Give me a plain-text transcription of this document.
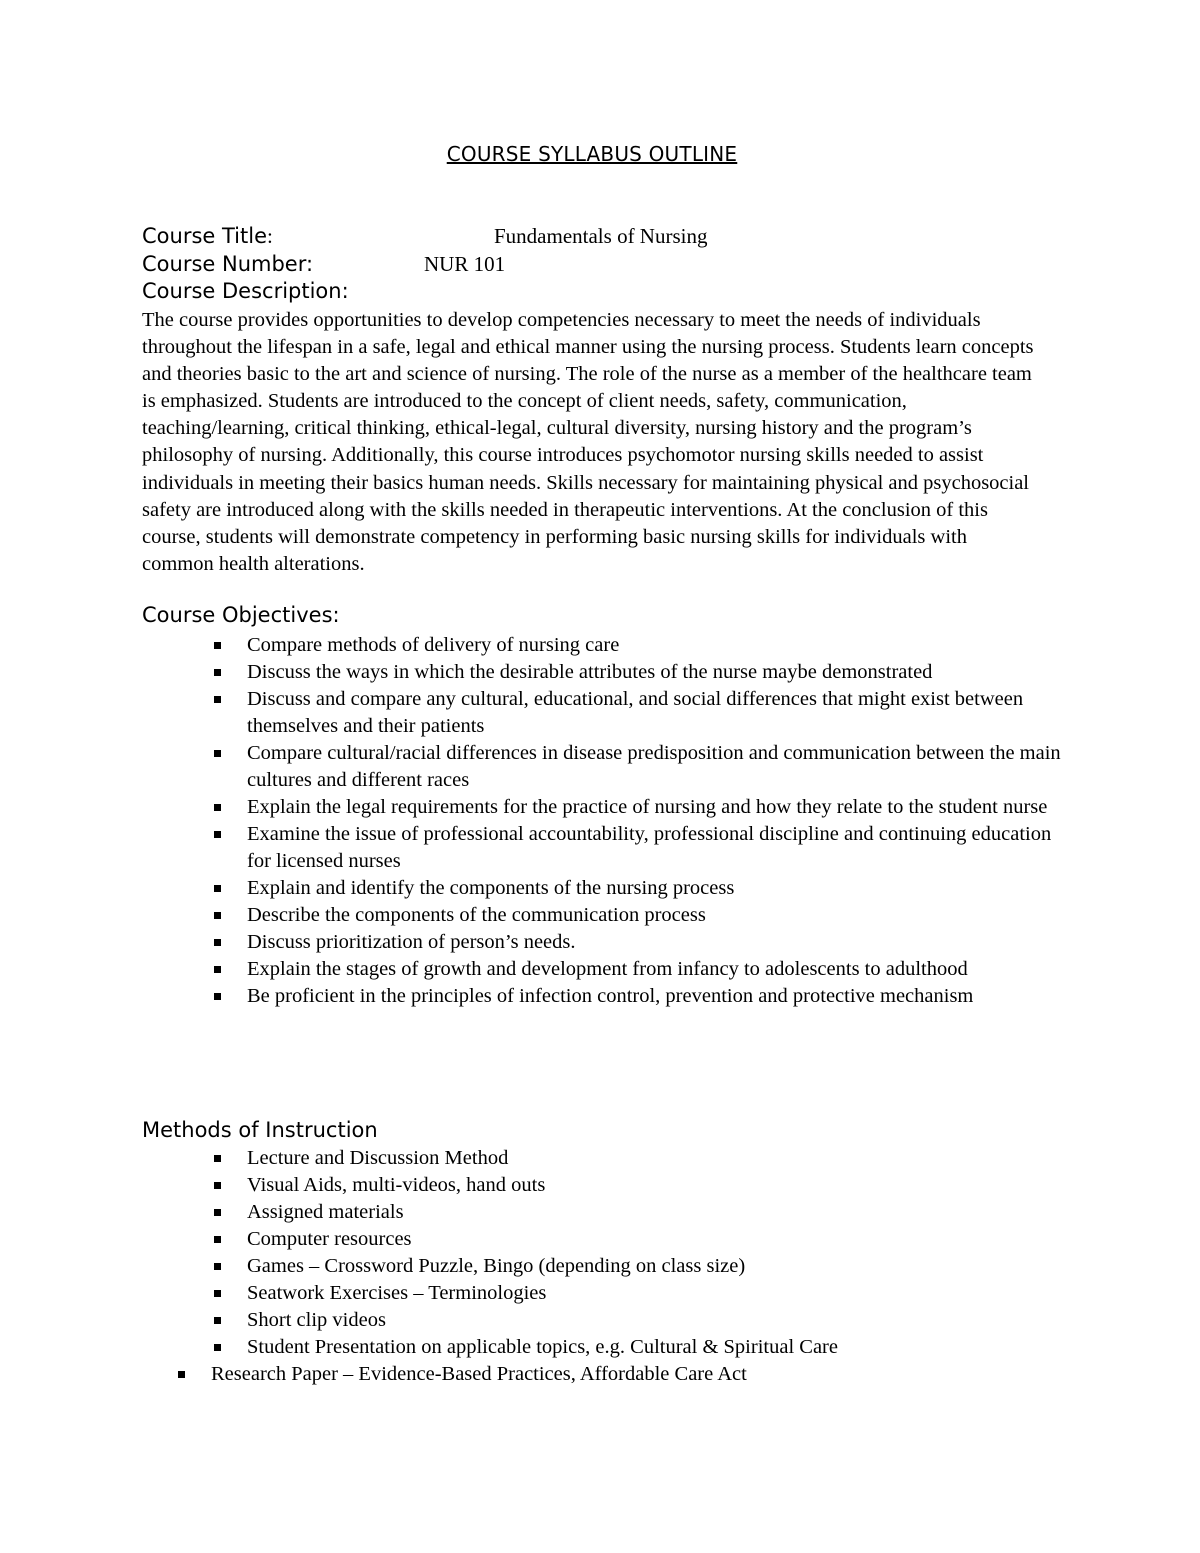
COURSE SYLLABUS OUTLINE
Course Title:	Fundamentals of Nursing
Course Number:	NUR 101
Course Description:
The course provides opportunities to develop competencies necessary to meet the needs of individuals throughout the lifespan in a safe, legal and ethical manner using the nursing process. Students learn concepts and theories basic to the art and science of nursing. The role of the nurse as a member of the healthcare team is emphasized. Students are introduced to the concept of client needs, safety, communication, teaching/learning, critical thinking, ethical-legal, cultural diversity, nursing history and the program’s philosophy of nursing. Additionally, this course introduces psychomotor nursing skills needed to assist individuals in meeting their basics human needs. Skills necessary for maintaining physical and psychosocial safety are introduced along with the skills needed in therapeutic interventions. At the conclusion of this course, students will demonstrate competency in performing basic nursing skills for individuals with common health alterations.
Course Objectives:
Compare methods of delivery of nursing care
Discuss the ways in which the desirable attributes of the nurse maybe demonstrated
Discuss and compare any cultural, educational, and social differences that might exist between themselves and their patients
Compare cultural/racial differences in disease predisposition and communication between the main cultures and different races
Explain the legal requirements for the practice of nursing and how they relate to the student nurse
Examine the issue of professional accountability, professional discipline and continuing education for licensed nurses
Explain and identify the components of the nursing process
Describe the components of the communication process
Discuss prioritization of person’s needs.
Explain the stages of growth and development from infancy to adolescents to adulthood
Be proficient in the principles of infection control, prevention and protective mechanism
Methods of Instruction
Lecture and Discussion Method
Visual Aids, multi-videos, hand outs
Assigned materials
Computer resources
Games – Crossword Puzzle, Bingo (depending on class size)
Seatwork Exercises – Terminologies
Short clip videos
Student Presentation on applicable topics, e.g. Cultural & Spiritual Care
Research Paper – Evidence-Based Practices, Affordable Care Act
